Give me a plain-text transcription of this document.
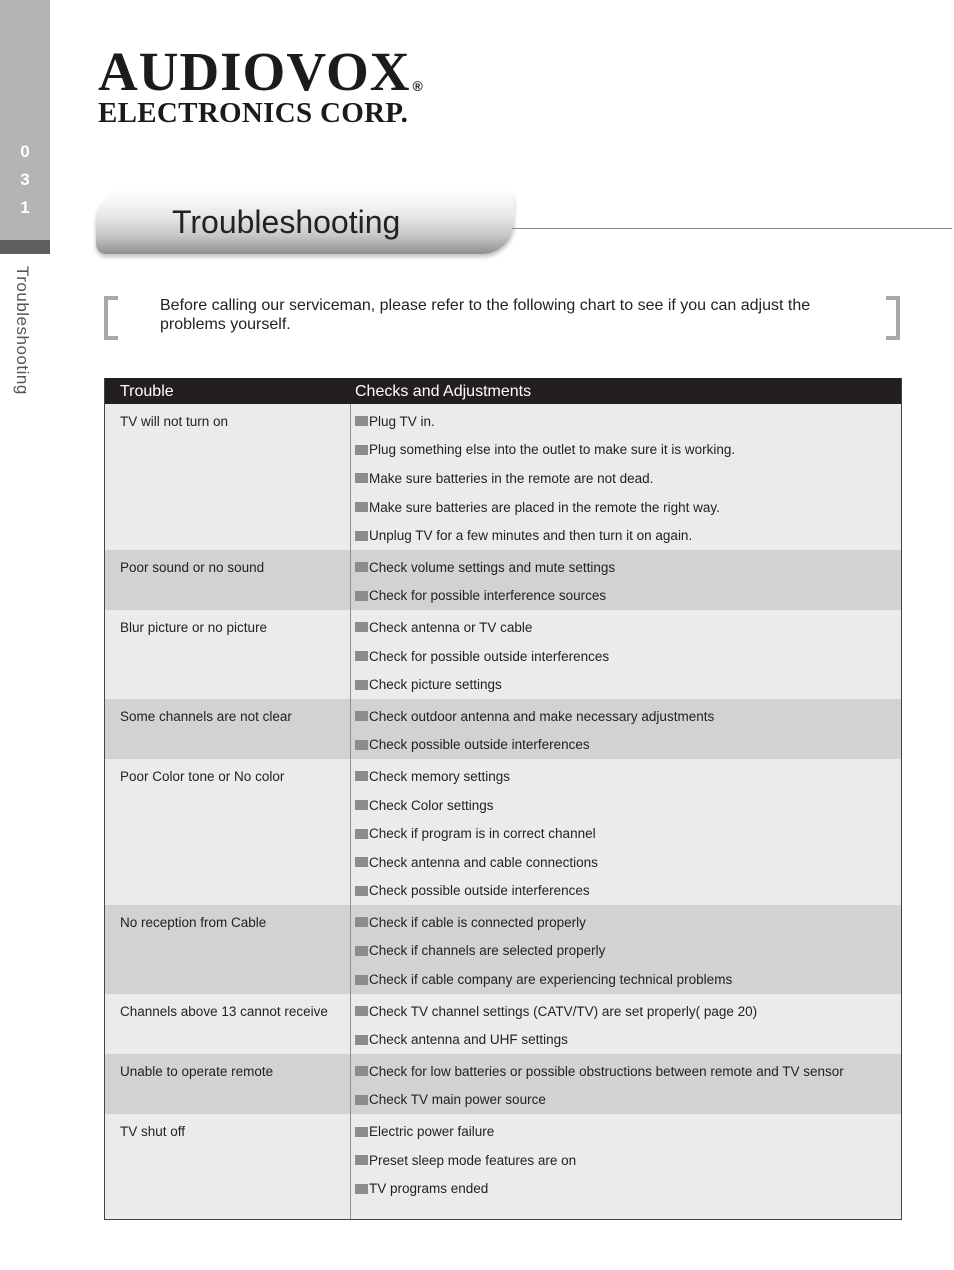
0
3
1
Troubleshooting
AUDIOVOX ®
ELECTRONICS CORP.
Troubleshooting
Before calling our serviceman, please refer to the following chart to see if you can adjust the problems yourself.
Trouble	Checks and Adjustments
TV will not turn on	Plug TV in.
Plug something else into the outlet to make sure it is working.
Make sure batteries in the remote are not dead.
Make sure batteries are placed in the remote the right way.
Unplug TV for a few minutes and then turn it on again.
Poor sound or no sound	Check volume settings and mute settings
Check for possible interference sources
Blur picture or no picture	Check antenna or TV cable
Check for possible outside interferences
Check picture settings
Some channels are not clear	Check outdoor antenna and make necessary adjustments
Check possible outside interferences
Poor Color tone or No color	Check memory settings
Check Color settings
Check if program is in correct channel
Check antenna and cable connections
Check possible outside interferences
No reception from Cable	Check if cable is connected properly
Check if channels are selected properly
Check if cable company are experiencing technical problems
Channels above 13 cannot receive	Check TV channel settings (CATV/TV) are set properly( page 20)
Check antenna and UHF settings
Unable to operate remote	Check for low batteries or possible obstructions between remote and TV sensor
Check TV main power source
TV shut off	Electric power failure
Preset sleep mode features are on
TV programs ended
